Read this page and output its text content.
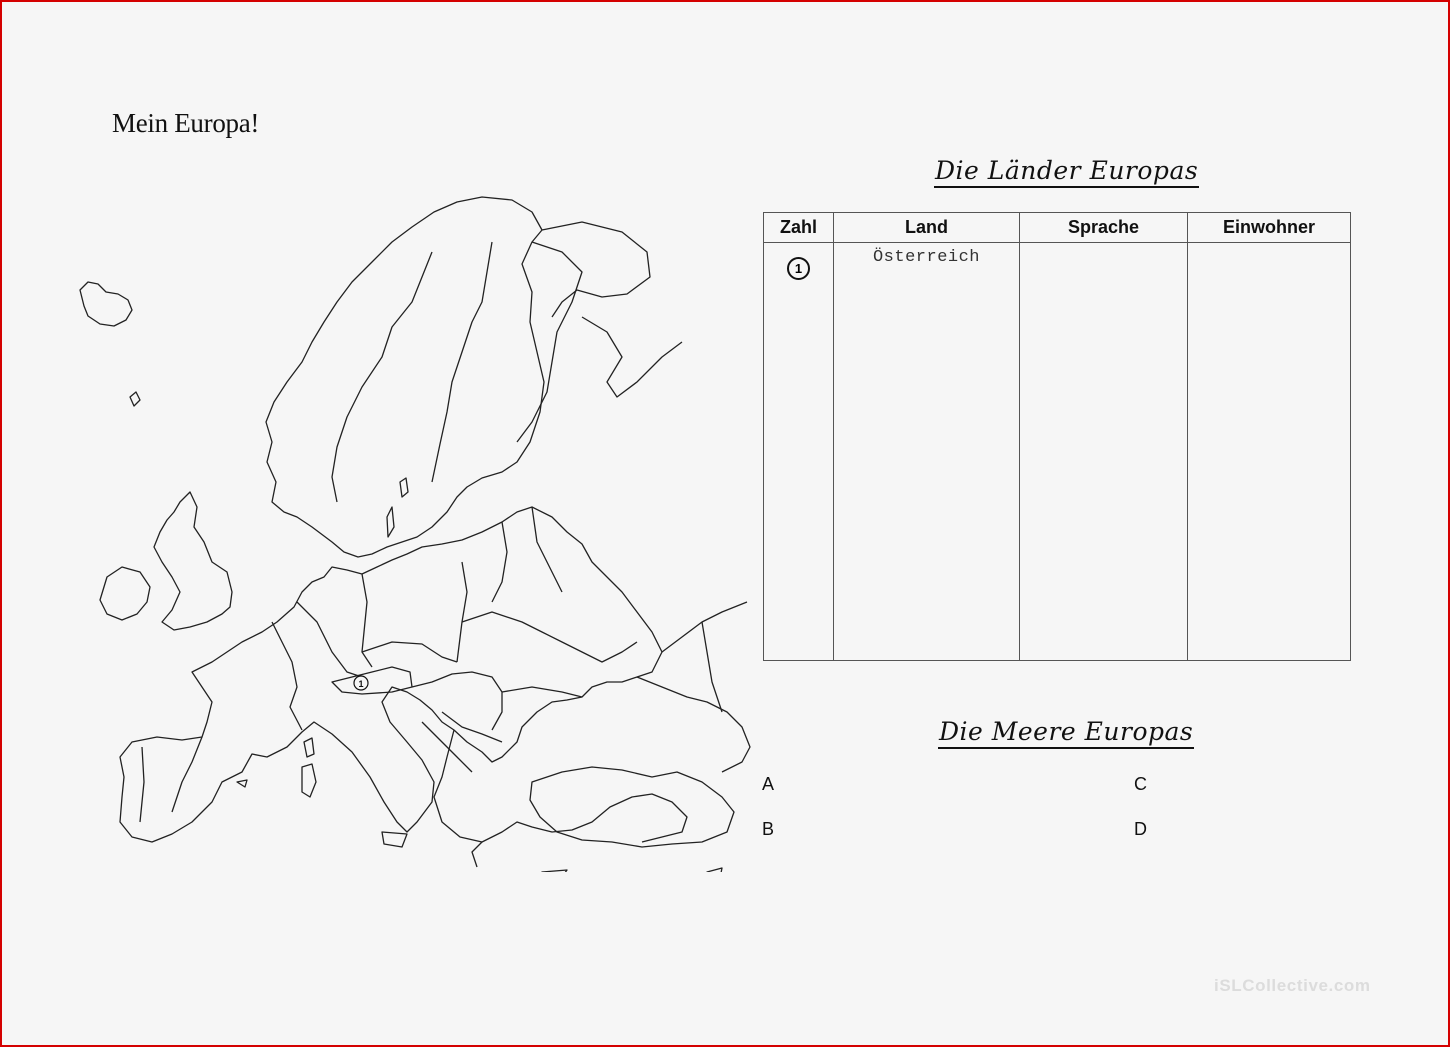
Mein Europa!
1
Die Länder Europas
Zahl	Land	Sprache	Einwohner
1	Österreich		

Die Meere Europas
A
B
C
D
iSLCollective.com
